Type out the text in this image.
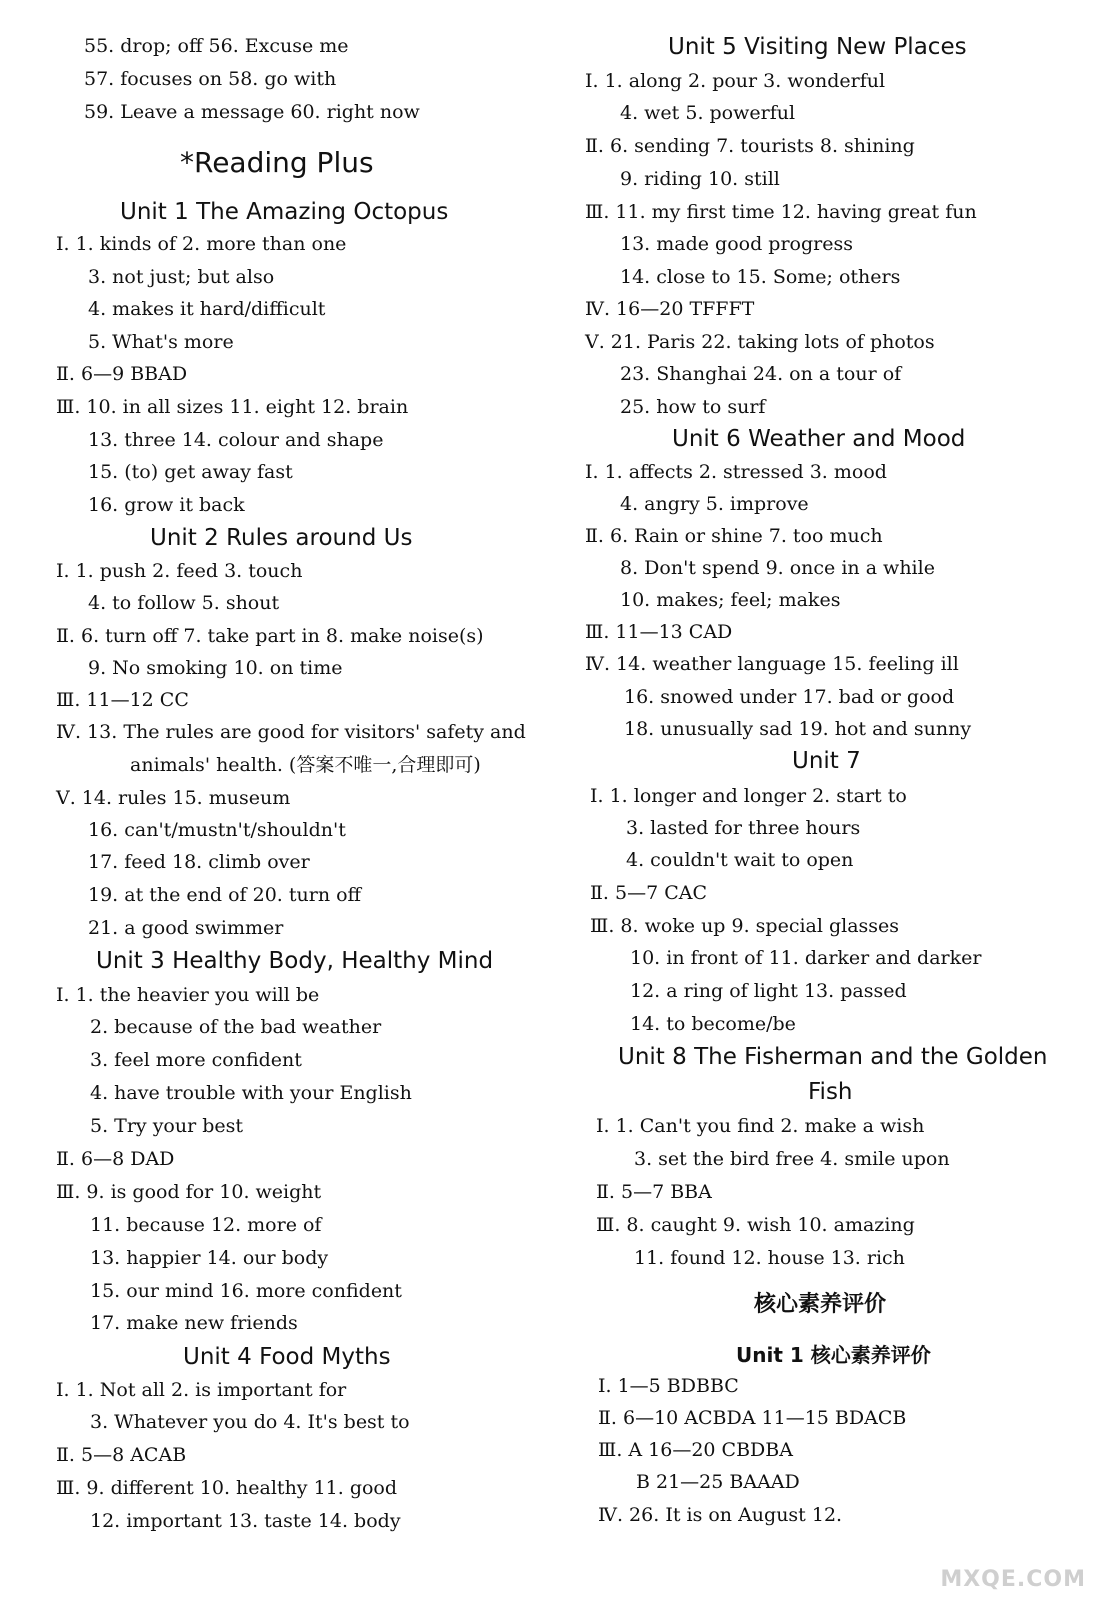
55. drop; off 56. Excuse me
57. focuses on 58. go with
59. Leave a message 60. right now
*Reading Plus
Unit 1 The Amazing Octopus
Ⅰ. 1. kinds of 2. more than one
3. not just; but also
4. makes it hard/difficult
5. What's more
Ⅱ. 6—9 BBAD
Ⅲ. 10. in all sizes 11. eight 12. brain
13. three 14. colour and shape
15. (to) get away fast
16. grow it back
Unit 2 Rules around Us
Ⅰ. 1. push 2. feed 3. touch
4. to follow 5. shout
Ⅱ. 6. turn off 7. take part in 8. make noise(s)
9. No smoking 10. on time
Ⅲ. 11—12 CC
Ⅳ. 13. The rules are good for visitors' safety and
animals' health. (答案不唯一,合理即可)
Ⅴ. 14. rules 15. museum
16. can't/mustn't/shouldn't
17. feed 18. climb over
19. at the end of 20. turn off
21. a good swimmer
Unit 3 Healthy Body, Healthy Mind
Ⅰ. 1. the heavier you will be
2. because of the bad weather
3. feel more confident
4. have trouble with your English
5. Try your best
Ⅱ. 6—8 DAD
Ⅲ. 9. is good for 10. weight
11. because 12. more of
13. happier 14. our body
15. our mind 16. more confident
17. make new friends
Unit 4 Food Myths
Ⅰ. 1. Not all 2. is important for
3. Whatever you do 4. It's best to
Ⅱ. 5—8 ACAB
Ⅲ. 9. different 10. healthy 11. good
12. important 13. taste 14. body
Unit 5 Visiting New Places
Ⅰ. 1. along 2. pour 3. wonderful
4. wet 5. powerful
Ⅱ. 6. sending 7. tourists 8. shining
9. riding 10. still
Ⅲ. 11. my first time 12. having great fun
13. made good progress
14. close to 15. Some; others
Ⅳ. 16—20 TFFFT
Ⅴ. 21. Paris 22. taking lots of photos
23. Shanghai 24. on a tour of
25. how to surf
Unit 6 Weather and Mood
Ⅰ. 1. affects 2. stressed 3. mood
4. angry 5. improve
Ⅱ. 6. Rain or shine 7. too much
8. Don't spend 9. once in a while
10. makes; feel; makes
Ⅲ. 11—13 CAD
Ⅳ. 14. weather language 15. feeling ill
16. snowed under 17. bad or good
18. unusually sad 19. hot and sunny
Unit 7
Ⅰ. 1. longer and longer 2. start to
3. lasted for three hours
4. couldn't wait to open
Ⅱ. 5—7 CAC
Ⅲ. 8. woke up 9. special glasses
10. in front of 11. darker and darker
12. a ring of light 13. passed
14. to become/be
Unit 8 The Fisherman and the Golden
Fish
Ⅰ. 1. Can't you find 2. make a wish
3. set the bird free 4. smile upon
Ⅱ. 5—7 BBA
Ⅲ. 8. caught 9. wish 10. amazing
11. found 12. house 13. rich
核心素养评价
Unit 1 核心素养评价
Ⅰ. 1—5 BDBBC
Ⅱ. 6—10 ACBDA 11—15 BDACB
Ⅲ. A 16—20 CBDBA
B 21—25 BAAAD
Ⅳ. 26. It is on August 12.
MXQE.COM
